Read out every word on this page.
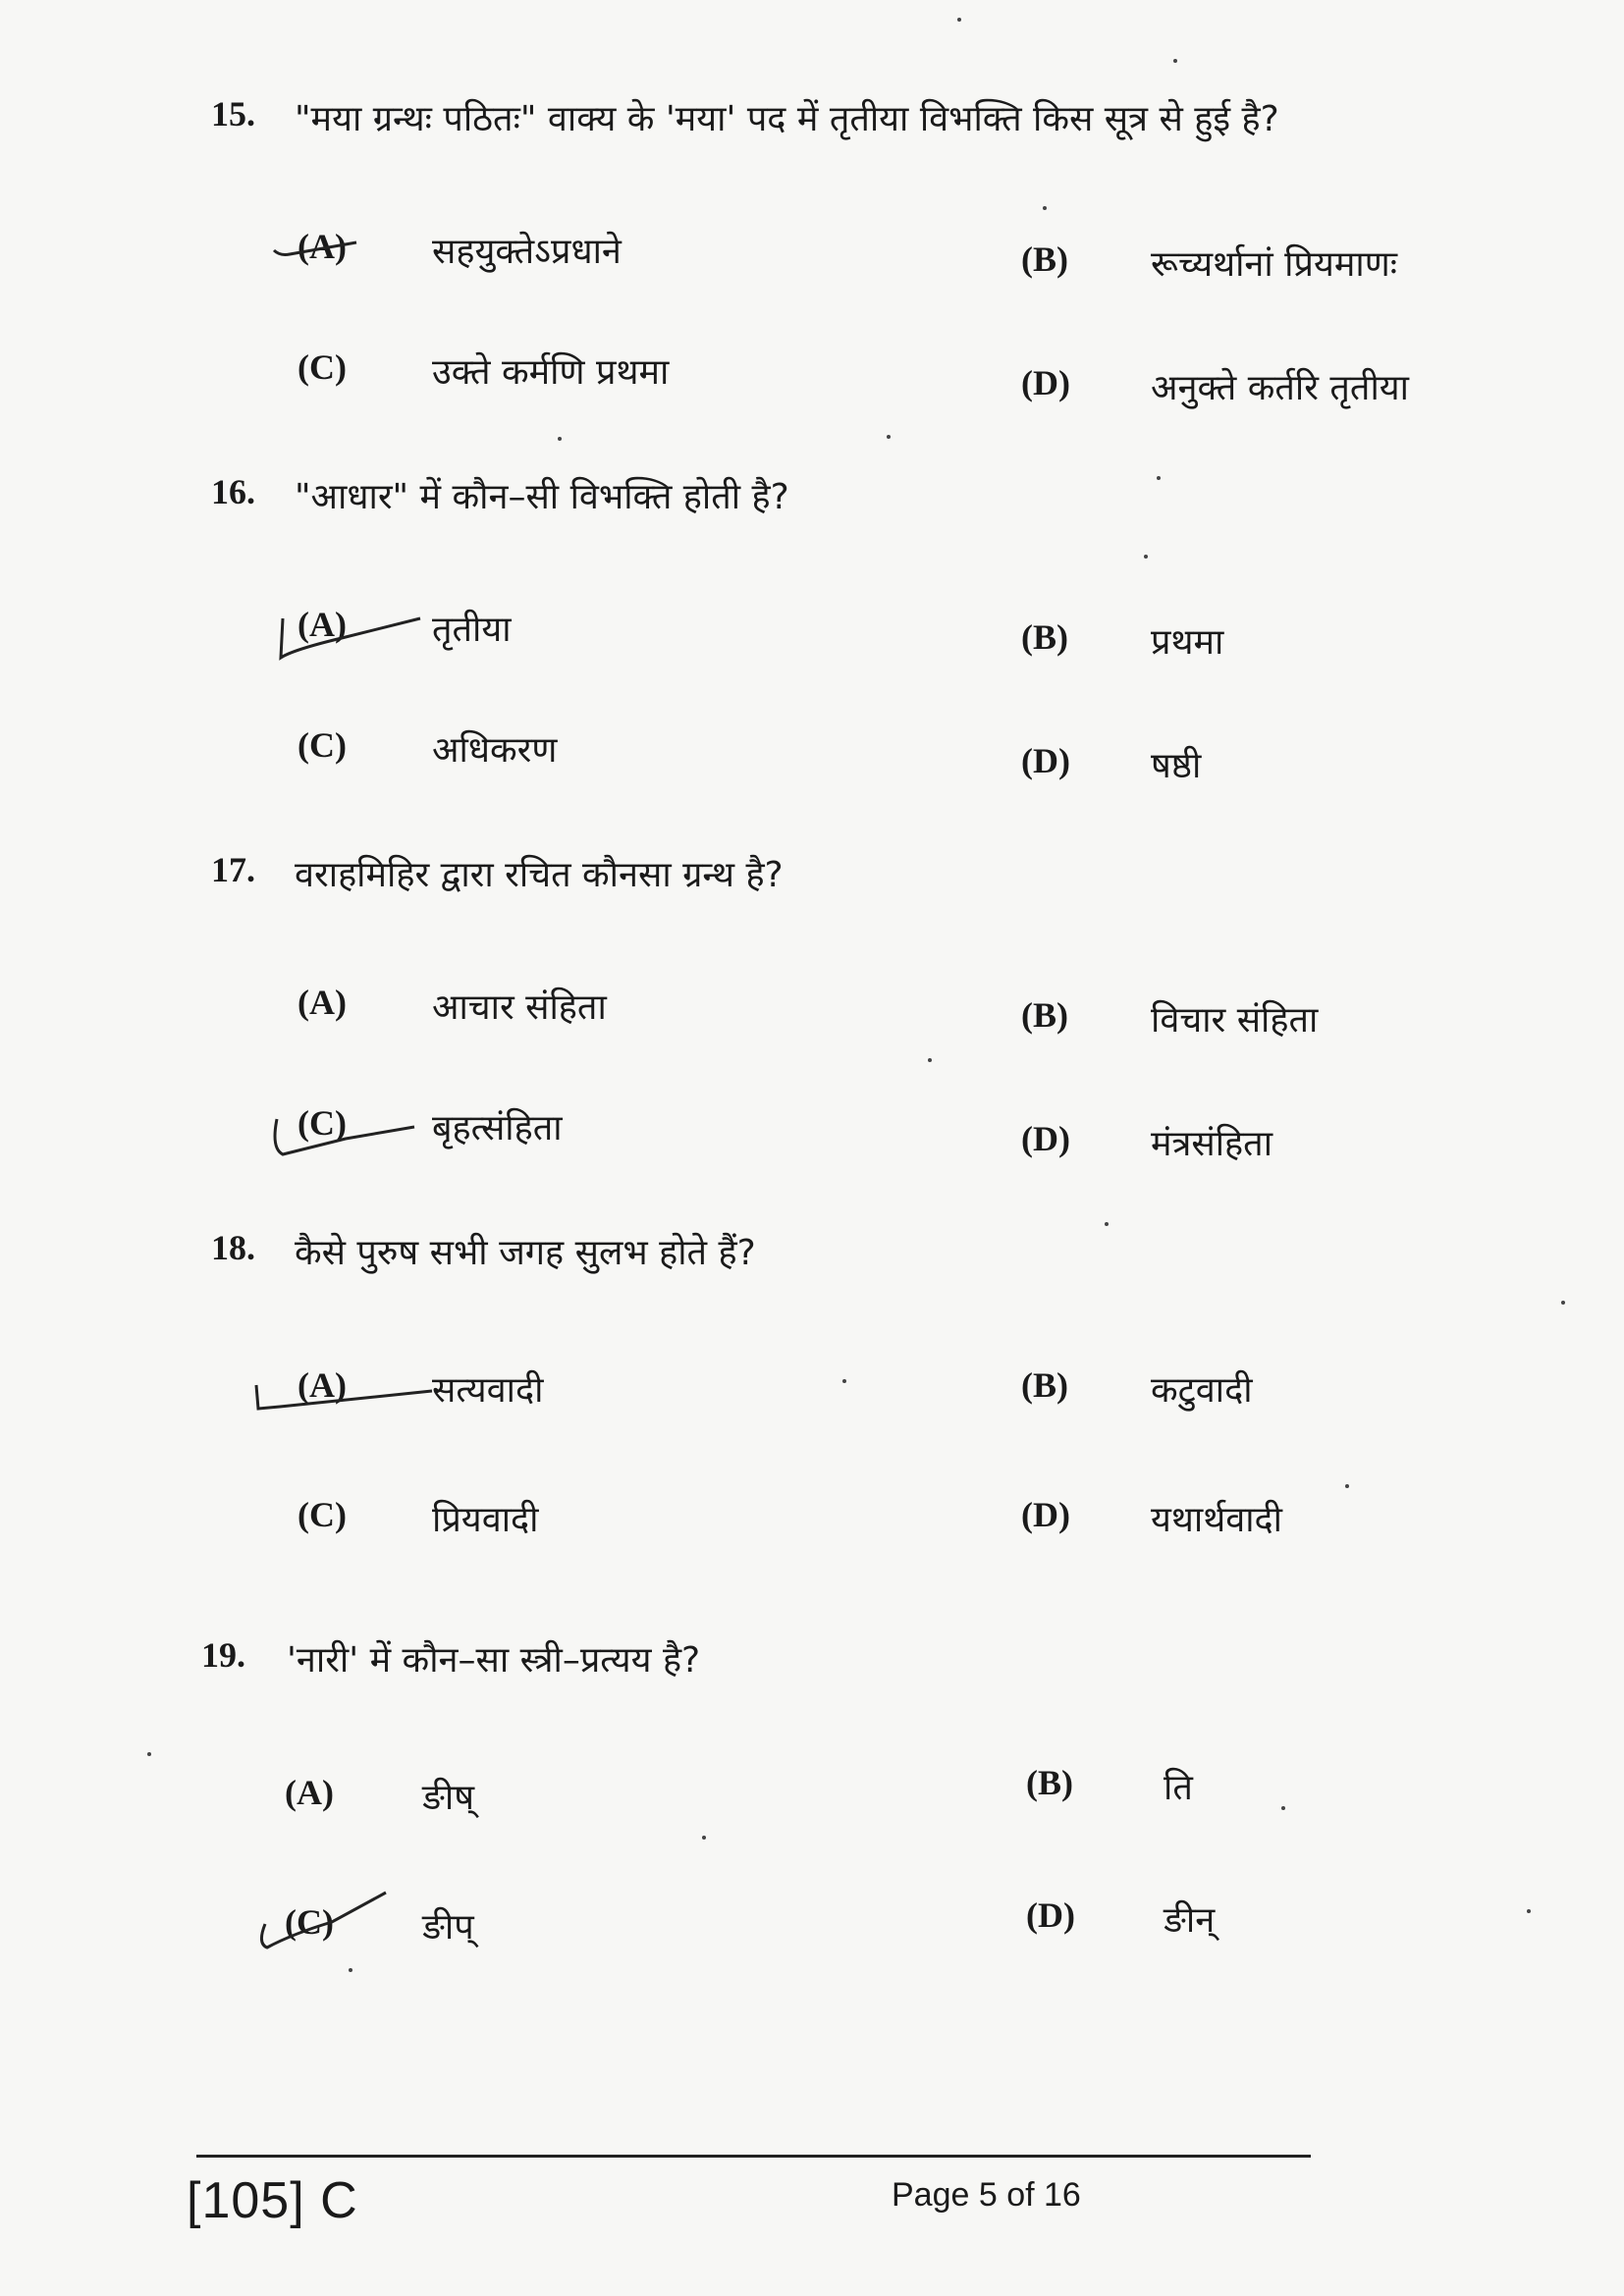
15. "मया ग्रन्थः पठितः" वाक्य के 'मया' पद में तृतीया विभक्ति किस सूत्र से हुई है?
(A) सहयुक्तेऽप्रधाने	(B) रूच्यर्थानां प्रियमाणः
(C) उक्ते कर्मणि प्रथमा	(D) अनुक्ते कर्तरि तृतीया
16. "आधार" में कौन–सी विभक्ति होती है?
(A) तृतीया	(B) प्रथमा
(C) अधिकरण	(D) षष्ठी
17. वराहमिहिर द्वारा रचित कौनसा ग्रन्थ है?
(A) आचार संहिता	(B) विचार संहिता
(C) बृहत्संहिता	(D) मंत्रसंहिता
18. कैसे पुरुष सभी जगह सुलभ होते हैं?
(A) सत्यवादी	(B) कटुवादी
(C) प्रियवादी	(D) यथार्थवादी
19. 'नारी' में कौन–सा स्त्री–प्रत्यय है?
(A)	ङीष्	(B)	ति
(C)	ङीप्	(D)	ङीन्
[105] C	Page 5 of 16
